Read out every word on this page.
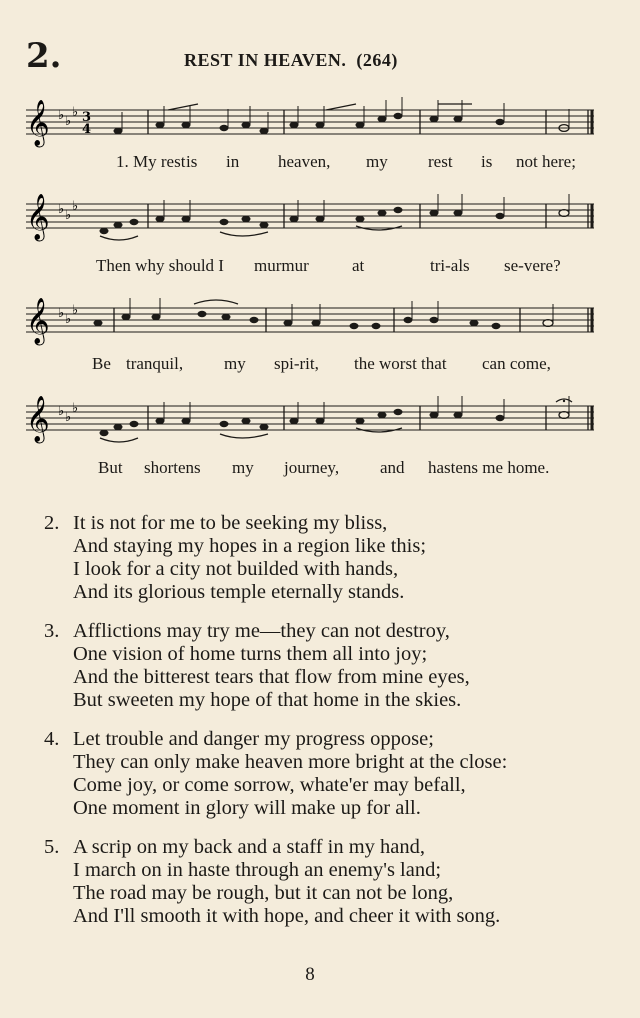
2.	REST IN HEAVEN.  (264)
𝄞 ♭ ♭
♭ 3
4
1. My rest is in heaven, my rest is not here;
𝄞 ♭ ♭
♭
Then why should I murmur	at	tri-als se-vere?
𝄞 ♭ ♭
♭
Be tranquil, my spi-rit, the worst that can come,
𝄞 ♭ ♭
♭
But shortens my journey, and hastens me home.
2. It is not for me to be seeking my bliss,
And staying my hopes in a region like this;
I look for a city not builded with hands,
And its glorious temple eternally stands.
3. Afflictions may try me—they can not destroy,
One vision of home turns them all into joy;
And the bitterest tears that flow from mine eyes,
But sweeten my hope of that home in the skies.
4. Let trouble and danger my progress oppose;
They can only make heaven more bright at the close:
Come joy, or come sorrow, whate'er may befall,
One moment in glory will make up for all.
5. A scrip on my back and a staff in my hand,
I march on in haste through an enemy's land;
The road may be rough, but it can not be long,
And I'll smooth it with hope, and cheer it with song.
8
